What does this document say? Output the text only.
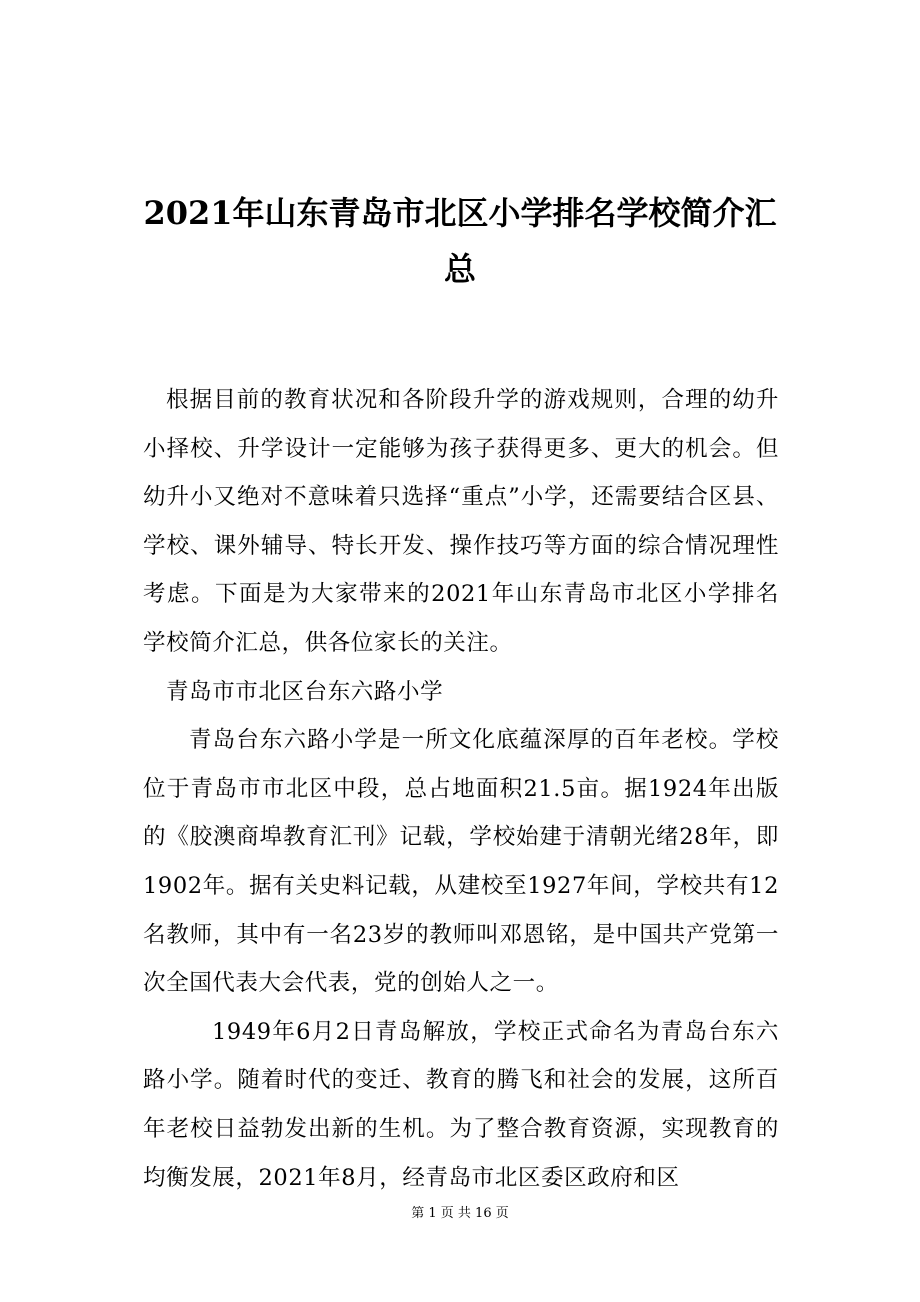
2021年山东青岛市北区小学排名学校简介汇总

根据目前的教育状况和各阶段升学的游戏规则，合理的幼升小择校、升学设计一定能够为孩子获得更多、更大的机会。但幼升小又绝对不意味着只选择“重点”小学，还需要结合区县、学校、课外辅导、特长开发、操作技巧等方面的综合情况理性考虑。下面是为大家带来的2021年山东青岛市北区小学排名学校简介汇总，供各位家长的关注。

青岛市市北区台东六路小学

青岛台东六路小学是一所文化底蕴深厚的百年老校。学校位于青岛市市北区中段，总占地面积21.5亩。据1924年出版的《胶澳商埠教育汇刊》记载，学校始建于清朝光绪28年，即1902年。据有关史料记载，从建校至1927年间，学校共有12名教师，其中有一名23岁的教师叫邓恩铭，是中国共产党第一次全国代表大会代表，党的创始人之一。

1949年6月2日青岛解放，学校正式命名为青岛台东六路小学。随着时代的变迁、教育的腾飞和社会的发展，这所百年老校日益勃发出新的生机。为了整合教育资源，实现教育的均衡发展，2021年8月，经青岛市北区委区政府和区

第 1 页 共 16 页
